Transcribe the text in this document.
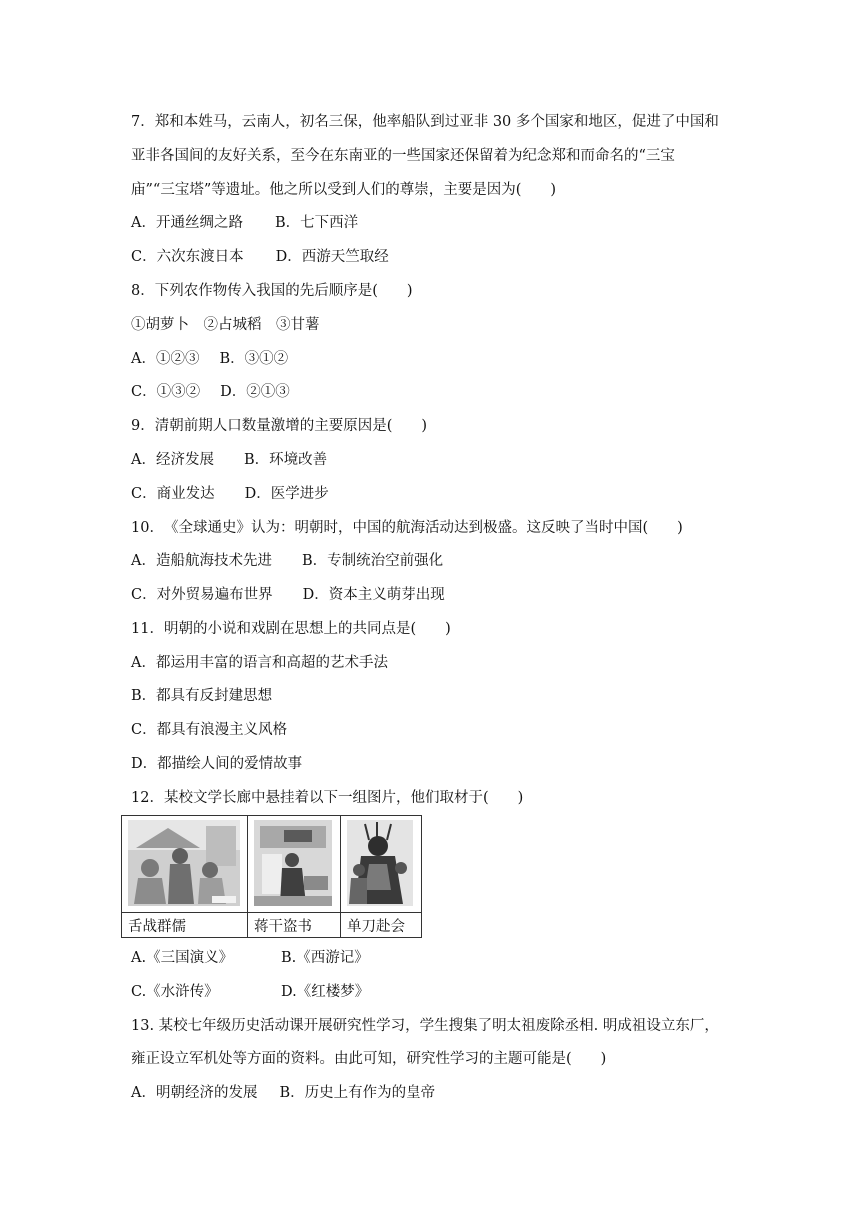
7．郑和本姓马，云南人，初名三保，他率船队到过亚非 30 多个国家和地区，促进了中国和
亚非各国间的友好关系，至今在东南亚的一些国家还保留着为纪念郑和而命名的“三宝
庙”“三宝塔”等遗址。他之所以受到人们的尊崇，主要是因为(　　)
A．开通丝绸之路 B．七下西洋
C．六次东渡日本 D．西游天竺取经
8．下列农作物传入我国的先后顺序是(　　)
①胡萝卜　②占城稻　③甘薯
A．①②③ B．③①②
C．①③② D．②①③
9．清朝前期人口数量激增的主要原因是(　　)
A．经济发展 B．环境改善
C．商业发达 D．医学进步
10．　《全球通史》认为：明朝时，中国的航海活动达到极盛。这反映了当时中国(　　)
A．造船航海技术先进 B．专制统治空前强化
C．对外贸易遍布世界 D．资本主义萌芽出现
11．明朝的小说和戏剧在思想上的共同点是(　　)
A．都运用丰富的语言和高超的艺术手法
B．都具有反封建思想
C．都具有浪漫主义风格
D．都描绘人间的爱情故事
12．某校文学长廊中悬挂着以下一组图片，他们取材于(　　)

舌战群儒	蒋干盗书	单刀赴会
A.《三国演义》	B.《西游记》
C.《水浒传》	D.《红楼梦》
13. 某校七年级历史活动课开展研究性学习，学生搜集了明太祖废除丞相. 明成祖设立东厂，
雍正设立军机处等方面的资料。由此可知，研究性学习的主题可能是(　　)
A．明朝经济的发展 B．历史上有作为的皇帝
